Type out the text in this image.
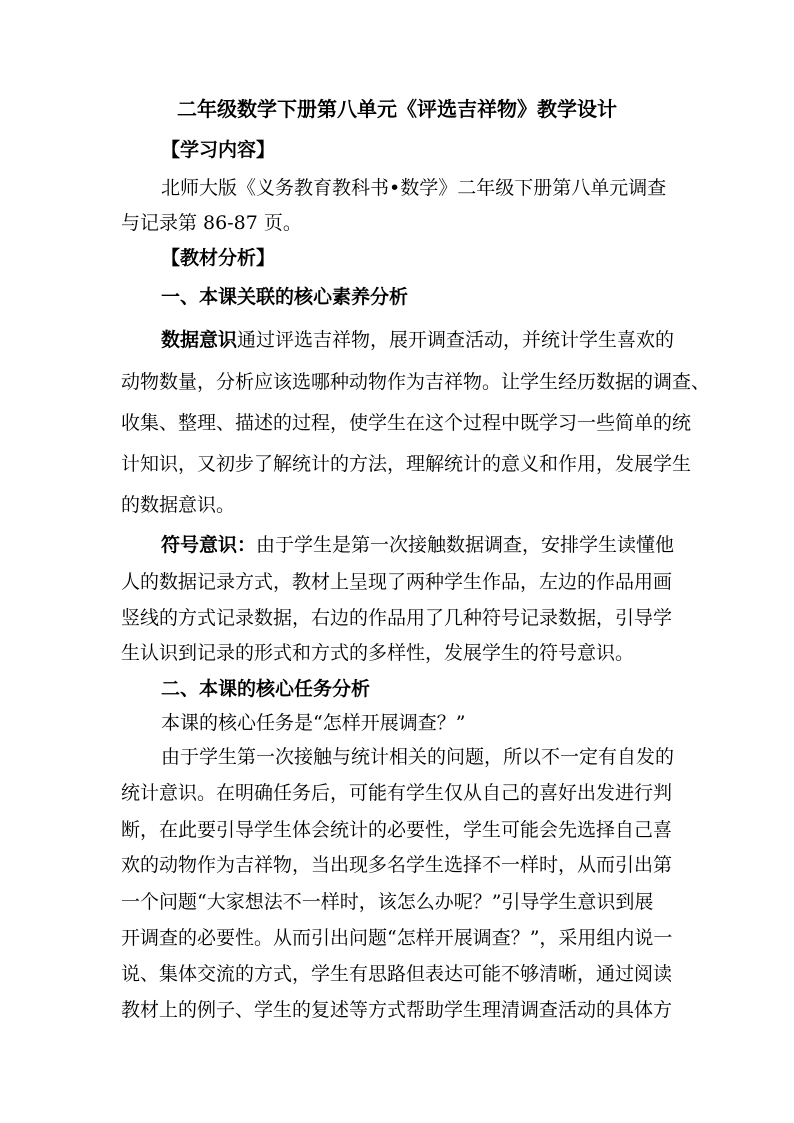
二年级数学下册第八单元《评选吉祥物》教学设计
【学习内容】
北师大版《义务教育教科书•数学》二年级下册第八单元调查
与记录第 86-87 页。
【教材分析】
一、本课关联的核心素养分析
数据意识通过评选吉祥物，展开调查活动，并统计学生喜欢的
动物数量，分析应该选哪种动物作为吉祥物。让学生经历数据的调查、
收集、整理、描述的过程，使学生在这个过程中既学习一些简单的统
计知识，又初步了解统计的方法，理解统计的意义和作用，发展学生
的数据意识。
符号意识：由于学生是第一次接触数据调查，安排学生读懂他
人的数据记录方式，教材上呈现了两种学生作品，左边的作品用画
竖线的方式记录数据，右边的作品用了几种符号记录数据，引导学
生认识到记录的形式和方式的多样性，发展学生的符号意识。
二、本课的核心任务分析
本课的核心任务是“怎样开展调查？”
由于学生第一次接触与统计相关的问题，所以不一定有自发的
统计意识。在明确任务后，可能有学生仅从自己的喜好出发进行判
断，在此要引导学生体会统计的必要性，学生可能会先选择自己喜
欢的动物作为吉祥物，当出现多名学生选择不一样时，从而引出第
一个问题“大家想法不一样时，该怎么办呢？”引导学生意识到展
开调查的必要性。从而引出问题“怎样开展调查？”，采用组内说一
说、集体交流的方式，学生有思路但表达可能不够清晰，通过阅读
教材上的例子、学生的复述等方式帮助学生理清调查活动的具体方
